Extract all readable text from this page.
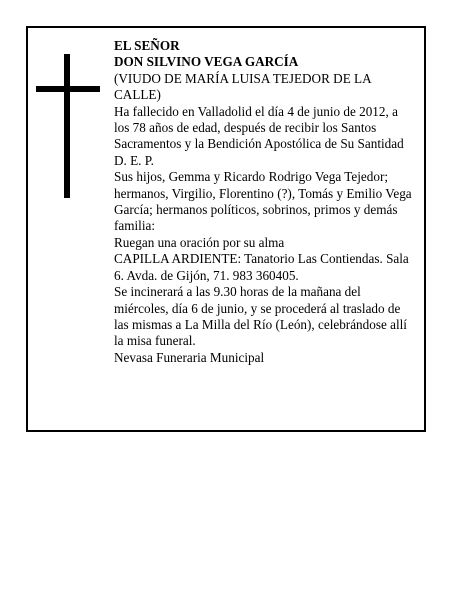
EL SEÑOR

DON SILVINO VEGA GARCÍA

(VIUDO DE MARÍA LUISA TEJEDOR DE LA CALLE)

Ha fallecido en Valladolid el día 4 de junio de 2012, a los 78 años de edad, después de recibir los Santos Sacramentos y la Bendición Apostólica de Su Santidad

D. E. P.

Sus hijos, Gemma y Ricardo Rodrigo Vega Tejedor; hermanos, Virgilio, Florentino (?), Tomás y Emilio Vega García; hermanos políticos, sobrinos, primos y demás familia:

Ruegan una oración por su alma

CAPILLA ARDIENTE: Tanatorio Las Contiendas. Sala 6. Avda. de Gijón, 71. 983 360405.

Se incinerará a las 9.30 horas de la mañana del miércoles, día 6 de junio, y se procederá al traslado de las mismas a La Milla del Río (León), celebrándose allí la misa funeral.

Nevasa Funeraria Municipal
